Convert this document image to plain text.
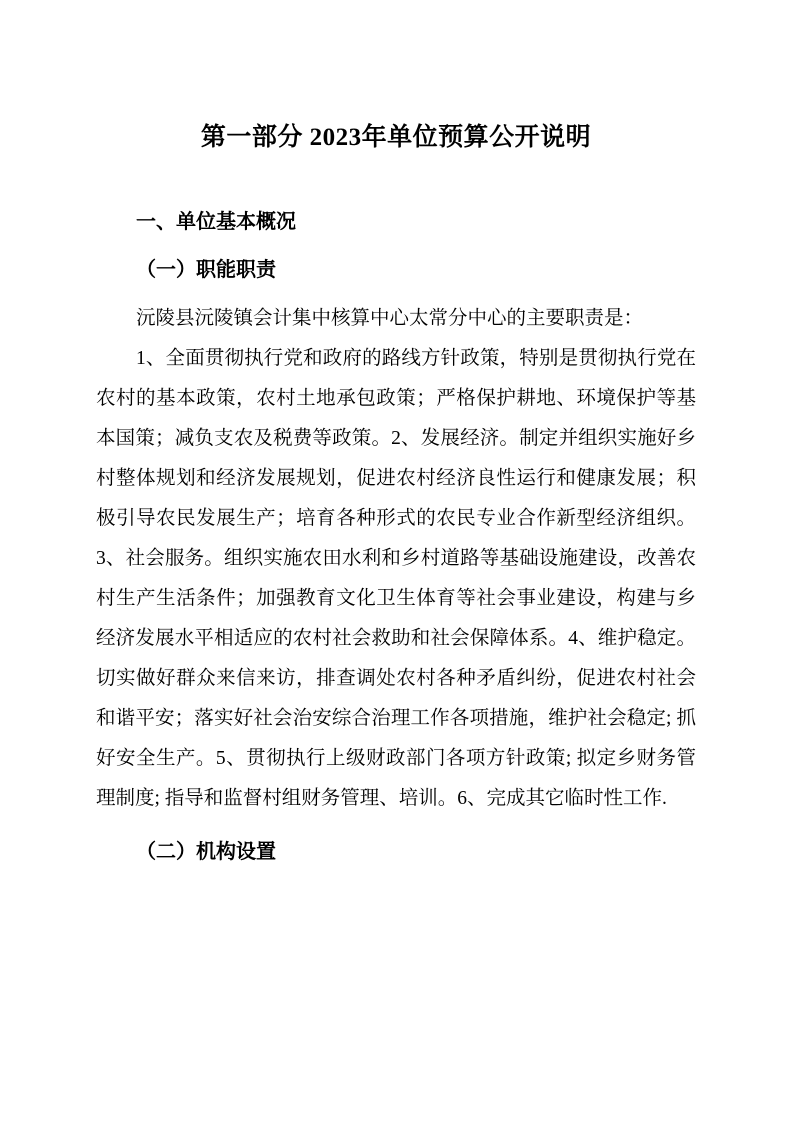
第一部分 2023年单位预算公开说明
一、单位基本概况
（一）职能职责

沅陵县沅陵镇会计集中核算中心太常分中心的主要职责是：

1、全面贯彻执行党和政府的路线方针政策，特别是贯彻执行党在农村的基本政策，农村土地承包政策；严格保护耕地、环境保护等基本国策；减负支农及税费等政策。2、发展经济。制定并组织实施好乡村整体规划和经济发展规划，促进农村经济良性运行和健康发展；积极引导农民发展生产；培育各种形式的农民专业合作新型经济组织。3、社会服务。组织实施农田水利和乡村道路等基础设施建设，改善农村生产生活条件；加强教育文化卫生体育等社会事业建设，构建与乡经济发展水平相适应的农村社会救助和社会保障体系。4、维护稳定。切实做好群众来信来访，排查调处农村各种矛盾纠纷，促进农村社会和谐平安；落实好社会治安综合治理工作各项措施，维护社会稳定; 抓好安全生产。5、贯彻执行上级财政部门各项方针政策; 拟定乡财务管理制度; 指导和监督村组财务管理、培训。6、完成其它临时性工作.

（二）机构设置
